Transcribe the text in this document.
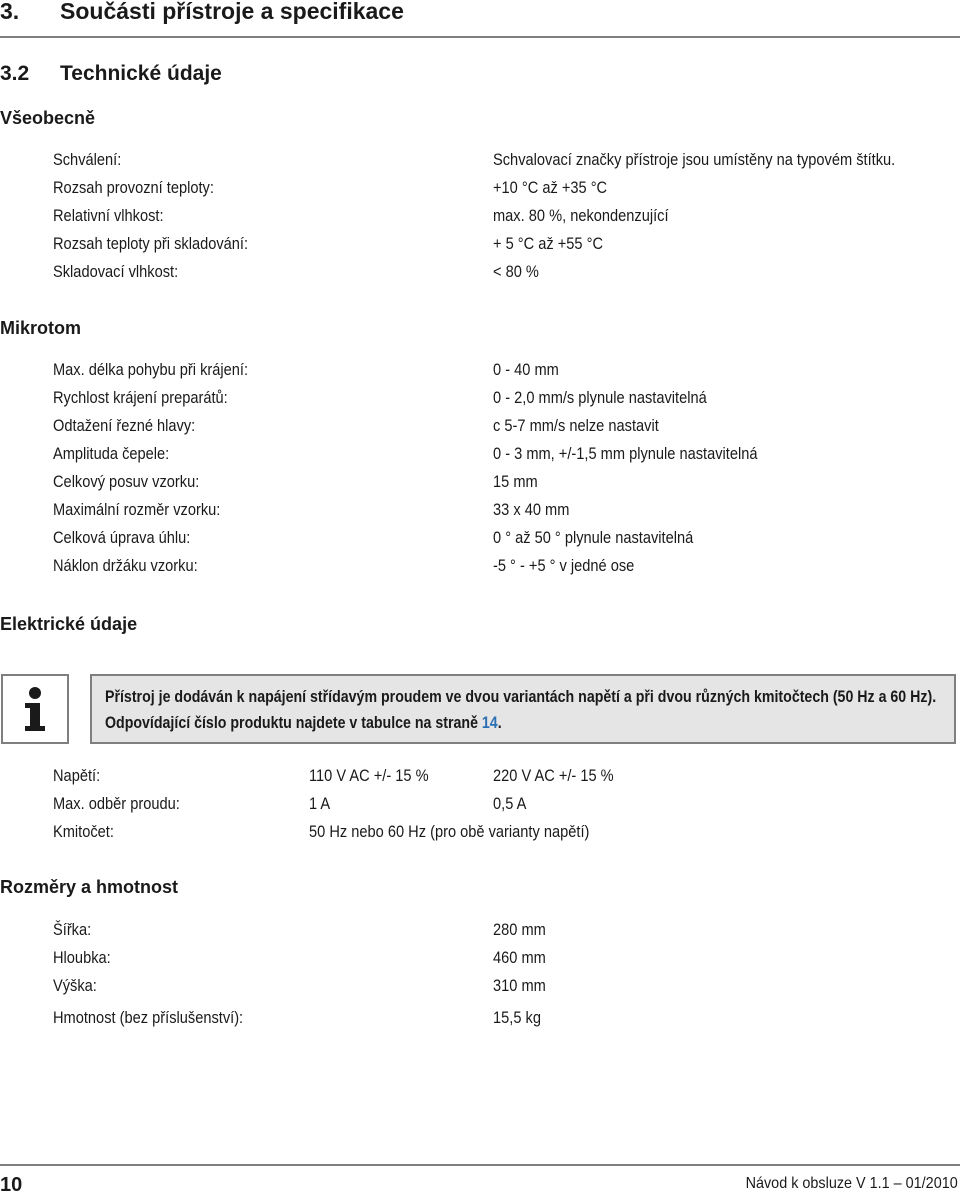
3. Součásti přístroje a specifikace
3.2 Technické údaje
Všeobecně
Schválení:	Schvalovací značky přístroje jsou umístěny na typovém štítku.
Rozsah provozní teploty:	+10 °C až +35 °C
Relativní vlhkost:	max. 80 %, nekondenzující
Rozsah teploty při skladování:	+ 5 °C až +55 °C
Skladovací vlhkost:	< 80 %
Mikrotom
Max. délka pohybu při krájení:	0 - 40 mm
Rychlost krájení preparátů:	0 - 2,0 mm/s plynule nastavitelná
Odtažení řezné hlavy:	c 5-7 mm/s nelze nastavit
Amplituda čepele:	0 - 3 mm, +/-1,5 mm plynule nastavitelná
Celkový posuv vzorku:	15 mm
Maximální rozměr vzorku:	33 x 40 mm
Celková úprava úhlu:	0 ° až 50 ° plynule nastavitelná
Náklon držáku vzorku:	-5 ° - +5 ° v jedné ose
Elektrické údaje
Přístroj je dodáván k napájení střídavým proudem ve dvou variantách napětí a při dvou různých kmitočtech (50 Hz a 60 Hz). Odpovídající číslo produktu najdete v tabulce na straně 14.
Napětí:	110 V AC +/- 15 %	220 V AC +/- 15 %
Max. odběr proudu:	1 A	0,5 A
Kmitočet:	50 Hz nebo 60 Hz (pro obě varianty napětí)
Rozměry a hmotnost
Šířka:	280 mm
Hloubka:	460 mm
Výška:	310 mm
Hmotnost (bez příslušenství):	15,5 kg
10	Návod k obsluze V 1.1 – 01/2010
